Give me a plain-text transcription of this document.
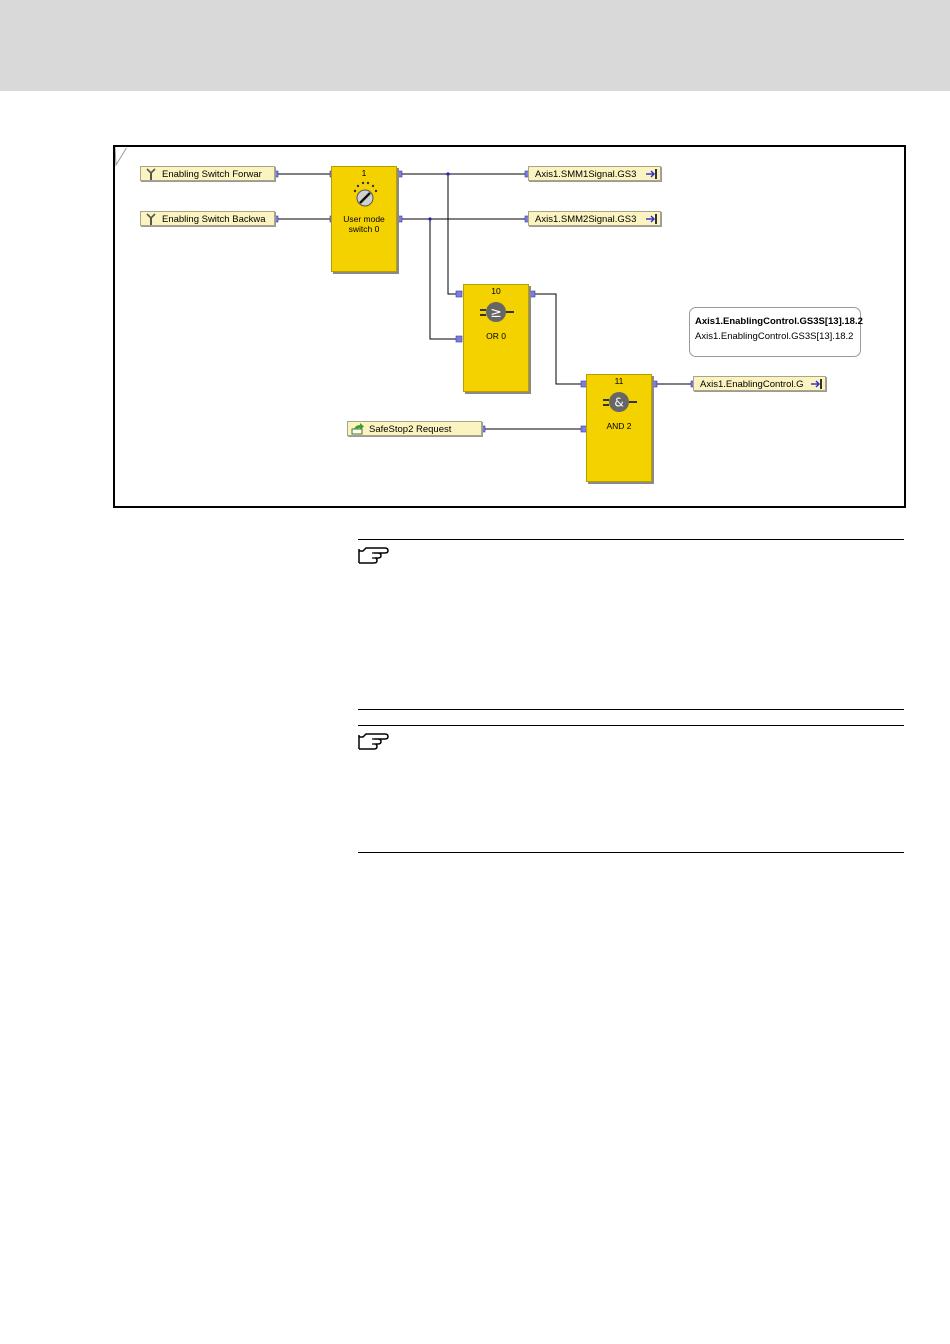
Enabling Switch Forwar
Enabling Switch Backwa
SafeStop2 Request
Axis1.SMM1Signal.GS3
Axis1.SMM2Signal.GS3
Axis1.EnablingControl.G
1
User mode
switch 0
10
≥
OR 0
11
&
AND 2
Axis1.EnablingControl.GS3S[13].18.2
Axis1.EnablingControl.GS3S[13].18.2
